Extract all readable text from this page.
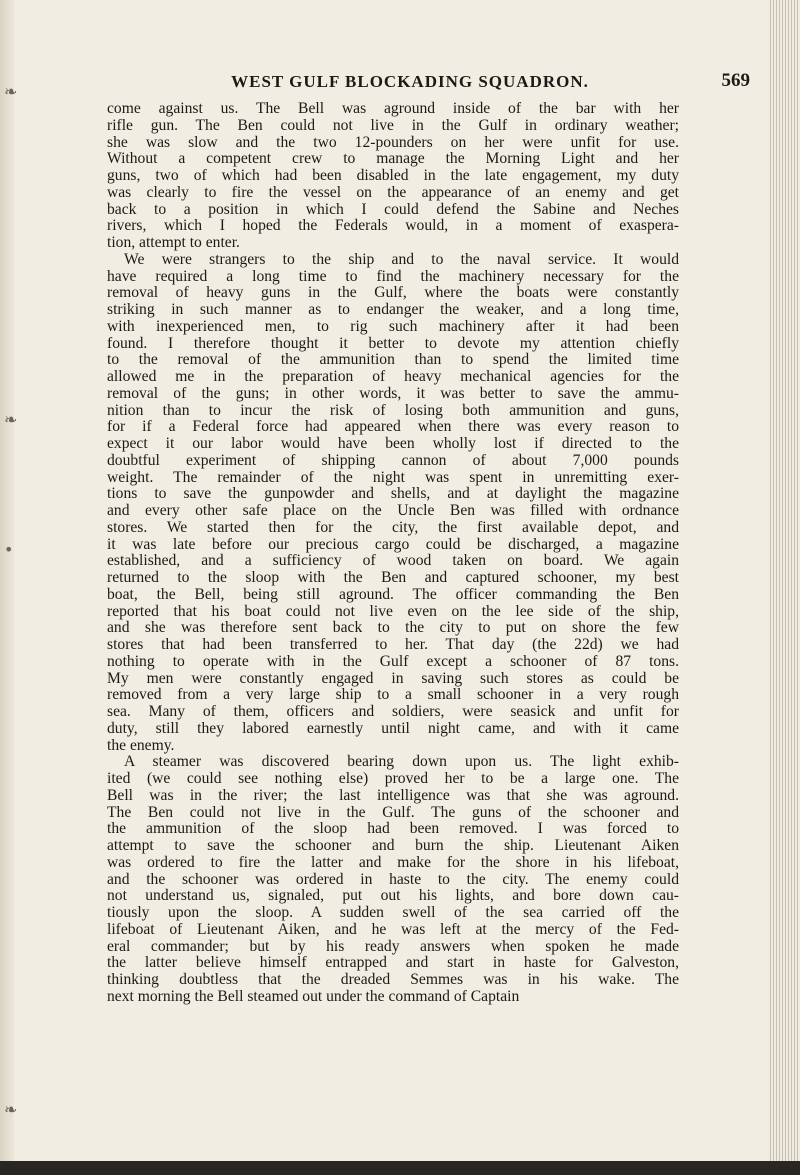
❧
❧
•
❧
WEST GULF BLOCKADING SQUADRON.	569
come against us. The Bell was aground inside of the bar with her
rifle gun. The Ben could not live in the Gulf in ordinary weather;
she was slow and the two 12-pounders on her were unfit for use.
Without a competent crew to manage the Morning Light and her
guns, two of which had been disabled in the late engagement, my duty
was clearly to fire the vessel on the appearance of an enemy and get
back to a position in which I could defend the Sabine and Neches
rivers, which I hoped the Federals would, in a moment of exaspera-
tion, attempt to enter.
We were strangers to the ship and to the naval service. It would
have required a long time to find the machinery necessary for the
removal of heavy guns in the Gulf, where the boats were constantly
striking in such manner as to endanger the weaker, and a long time,
with inexperienced men, to rig such machinery after it had been
found. I therefore thought it better to devote my attention chiefly
to the removal of the ammunition than to spend the limited time
allowed me in the preparation of heavy mechanical agencies for the
removal of the guns; in other words, it was better to save the ammu-
nition than to incur the risk of losing both ammunition and guns,
for if a Federal force had appeared when there was every reason to
expect it our labor would have been wholly lost if directed to the
doubtful experiment of shipping cannon of about 7,000 pounds
weight. The remainder of the night was spent in unremitting exer-
tions to save the gunpowder and shells, and at daylight the magazine
and every other safe place on the Uncle Ben was filled with ordnance
stores. We started then for the city, the first available depot, and
it was late before our precious cargo could be discharged, a magazine
established, and a sufficiency of wood taken on board. We again
returned to the sloop with the Ben and captured schooner, my best
boat, the Bell, being still aground. The officer commanding the Ben
reported that his boat could not live even on the lee side of the ship,
and she was therefore sent back to the city to put on shore the few
stores that had been transferred to her. That day (the 22d) we had
nothing to operate with in the Gulf except a schooner of 87 tons.
My men were constantly engaged in saving such stores as could be
removed from a very large ship to a small schooner in a very rough
sea. Many of them, officers and soldiers, were seasick and unfit for
duty, still they labored earnestly until night came, and with it came
the enemy.
A steamer was discovered bearing down upon us. The light exhib-
ited (we could see nothing else) proved her to be a large one. The
Bell was in the river; the last intelligence was that she was aground.
The Ben could not live in the Gulf. The guns of the schooner and
the ammunition of the sloop had been removed. I was forced to
attempt to save the schooner and burn the ship. Lieutenant Aiken
was ordered to fire the latter and make for the shore in his lifeboat,
and the schooner was ordered in haste to the city. The enemy could
not understand us, signaled, put out his lights, and bore down cau-
tiously upon the sloop. A sudden swell of the sea carried off the
lifeboat of Lieutenant Aiken, and he was left at the mercy of the Fed-
eral commander; but by his ready answers when spoken he made
the latter believe himself entrapped and start in haste for Galveston,
thinking doubtless that the dreaded Semmes was in his wake. The
next morning the Bell steamed out under the command of Captain
